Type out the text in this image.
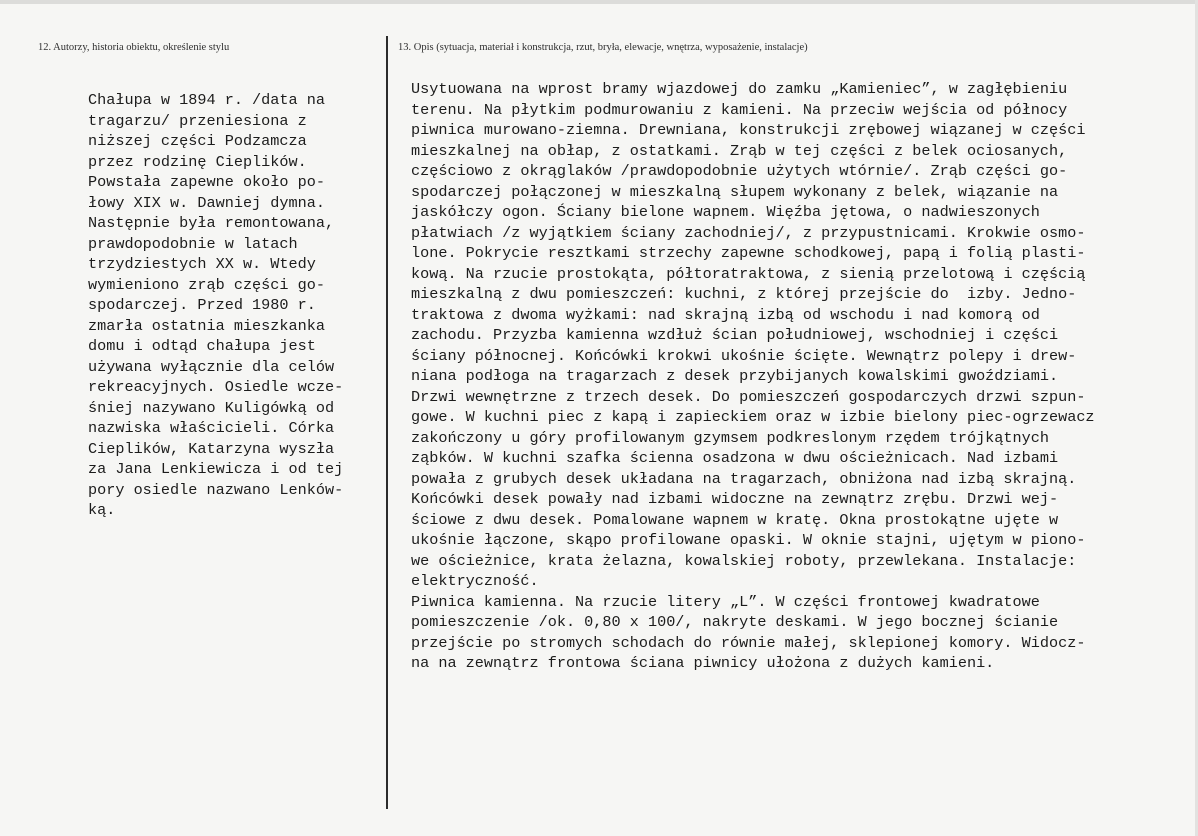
12. Autorzy, historia obiektu, określenie stylu	13. Opis (sytuacja, materiał i konstrukcja, rzut, bryła, elewacje, wnętrza, wyposażenie, instalacje)
Chałupa w 1894 r. /data na
tragarzu/ przeniesiona z
niższej części Podzamcza
przez rodzinę Cieplików.
Powstała zapewne około po-
łowy XIX w. Dawniej dymna.
Następnie była remontowana,
prawdopodobnie w latach
trzydziestych XX w. Wtedy
wymieniono zrąb części go-
spodarczej. Przed 1980 r.
zmarła ostatnia mieszkanka
domu i odtąd chałupa jest
używana wyłącznie dla celów
rekreacyjnych. Osiedle wcze-
śniej nazywano Kuligówką od
nazwiska właścicieli. Córka
Cieplików, Katarzyna wyszła
za Jana Lenkiewicza i od tej
pory osiedle nazwano Lenków-
ką.
Usytuowana na wprost bramy wjazdowej do zamku „Kamieniec”, w zagłębieniu
terenu. Na płytkim podmurowaniu z kamieni. Na przeciw wejścia od północy
piwnica murowano-ziemna. Drewniana, konstrukcji zrębowej wiązanej w części
mieszkalnej na obłap, z ostatkami. Zrąb w tej części z belek ociosanych,
częściowo z okrąglaków /prawdopodobnie użytych wtórnie/. Zrąb części go-
spodarczej połączonej w mieszkalną słupem wykonany z belek, wiązanie na
jaskółczy ogon. Ściany bielone wapnem. Więźba jętowa, o nadwieszonych
płatwiach /z wyjątkiem ściany zachodniej/, z przypustnicami. Krokwie osmo-
lone. Pokrycie resztkami strzechy zapewne schodkowej, papą i folią plasti-
kową. Na rzucie prostokąta, półtoratraktowa, z sienią przelotową i częścią
mieszkalną z dwu pomieszczeń: kuchni, z której przejście do  izby. Jedno-
traktowa z dwoma wyżkami: nad skrajną izbą od wschodu i nad komorą od
zachodu. Przyzba kamienna wzdłuż ścian południowej, wschodniej i części
ściany północnej. Końcówki krokwi ukośnie ścięte. Wewnątrz polepy i drew-
niana podłoga na tragarzach z desek przybijanych kowalskimi gwoździami.
Drzwi wewnętrzne z trzech desek. Do pomieszczeń gospodarczych drzwi szpun-
gowe. W kuchni piec z kapą i zapieckiem oraz w izbie bielony piec-ogrzewacz
zakończony u góry profilowanym gzymsem podkreslonym rzędem trójkątnych
ząbków. W kuchni szafka ścienna osadzona w dwu ościeżnicach. Nad izbami
powała z grubych desek układana na tragarzach, obniżona nad izbą skrajną.
Końcówki desek powały nad izbami widoczne na zewnątrz zrębu. Drzwi wej-
ściowe z dwu desek. Pomalowane wapnem w kratę. Okna prostokątne ujęte w
ukośnie łączone, skąpo profilowane opaski. W oknie stajni, ujętym w piono-
we ościeżnice, krata żelazna, kowalskiej roboty, przewlekana. Instalacje:
elektryczność.
Piwnica kamienna. Na rzucie litery „L”. W części frontowej kwadratowe
pomieszczenie /ok. 0,80 x 100/, nakryte deskami. W jego bocznej ścianie
przejście po stromych schodach do równie małej, sklepionej komory. Widocz-
na na zewnątrz frontowa ściana piwnicy ułożona z dużych kamieni.
